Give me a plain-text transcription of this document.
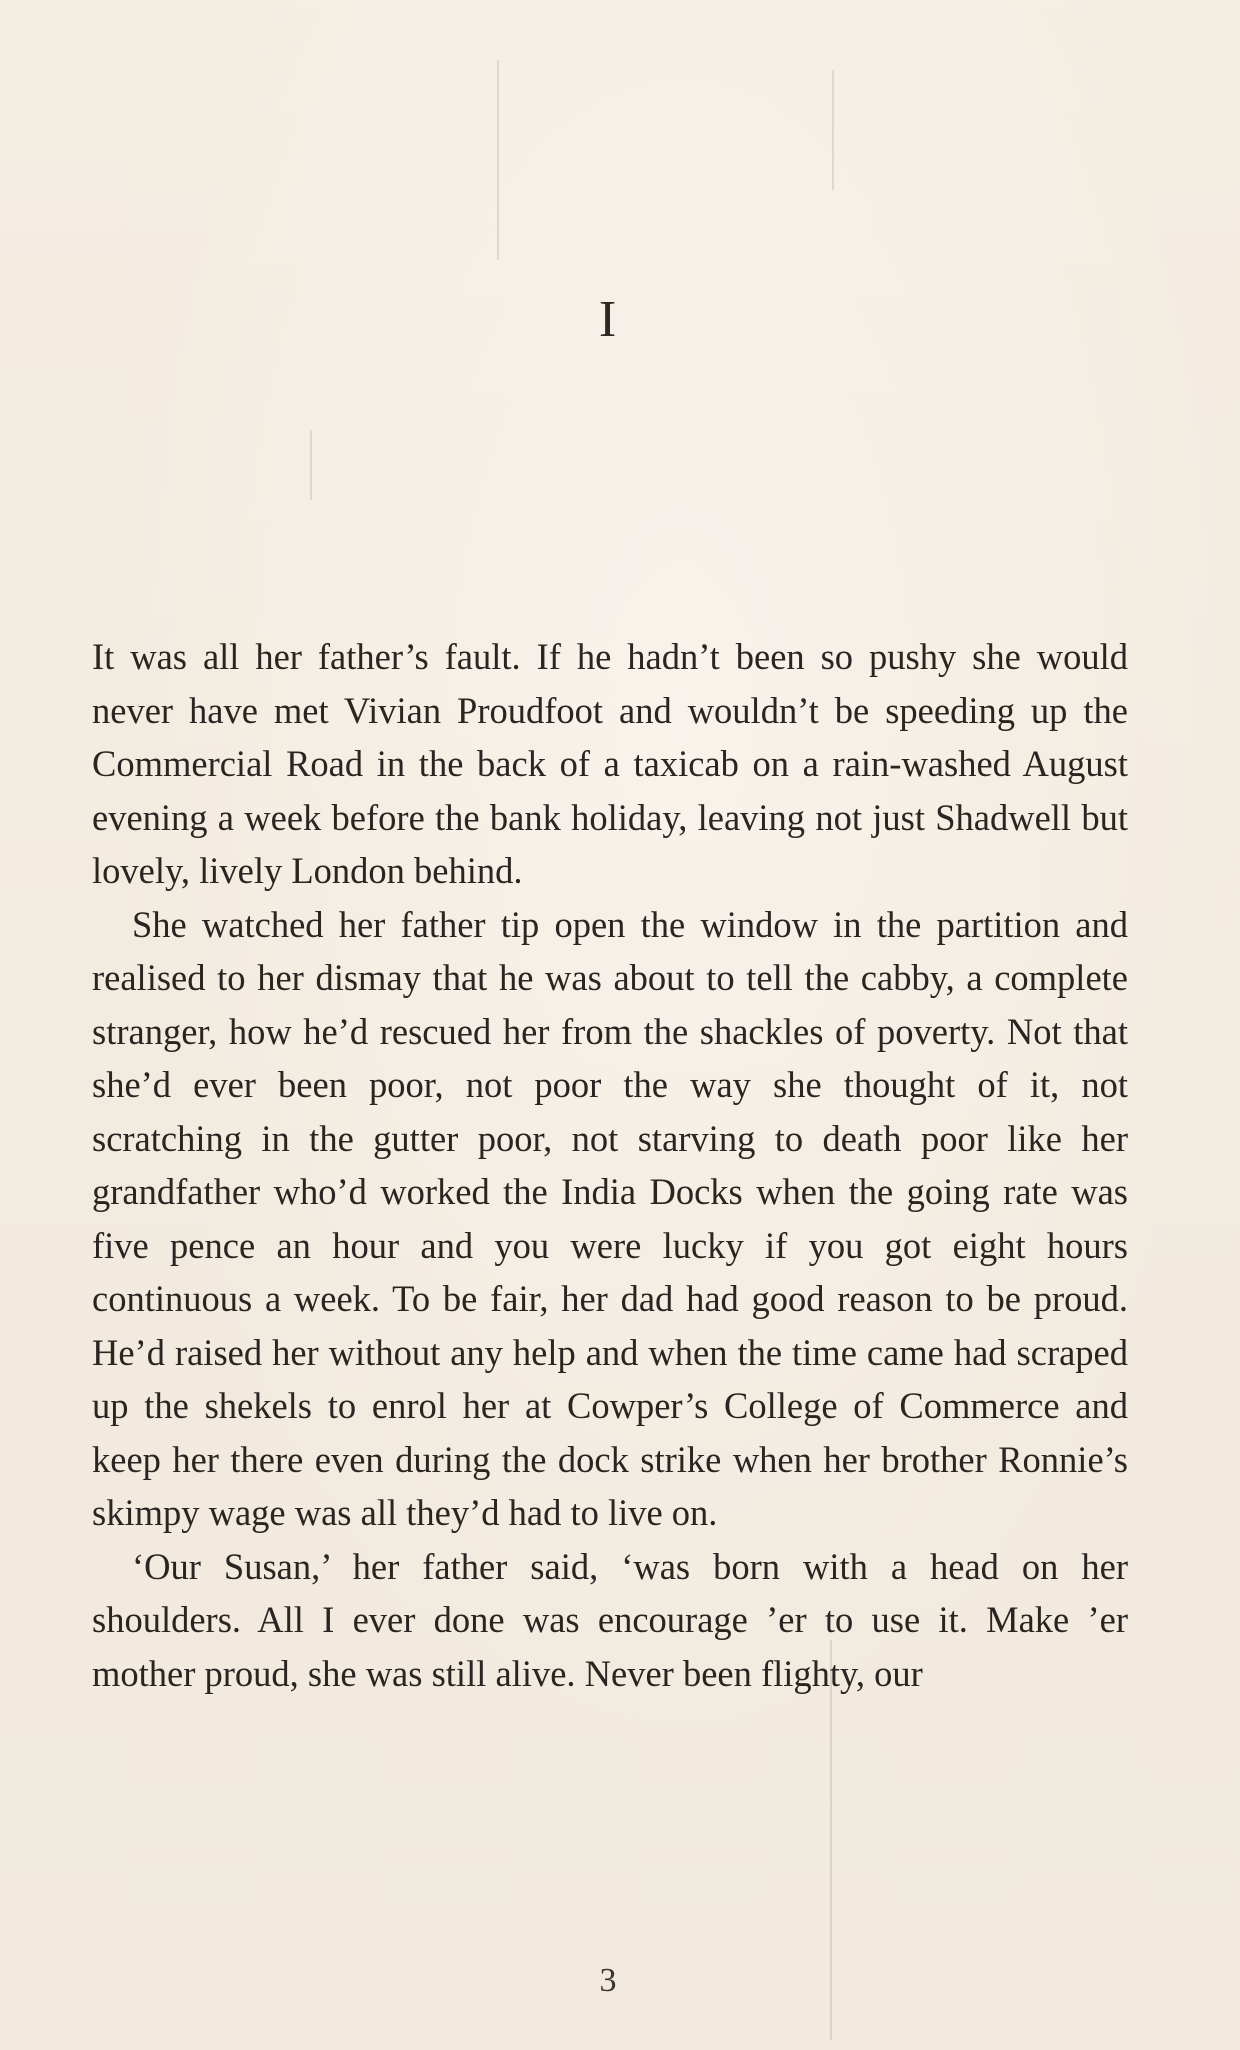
I

It was all her father’s fault. If he hadn’t been so pushy she would never have met Vivian Proudfoot and wouldn’t be speeding up the Commercial Road in the back of a taxicab on a rain-washed August evening a week before the bank holiday, leaving not just Shadwell but lovely, lively London behind.

She watched her father tip open the window in the partition and realised to her dismay that he was about to tell the cabby, a complete stranger, how he’d rescued her from the shackles of poverty. Not that she’d ever been poor, not poor the way she thought of it, not scratching in the gutter poor, not starving to death poor like her grandfather who’d worked the India Docks when the going rate was five pence an hour and you were lucky if you got eight hours continuous a week. To be fair, her dad had good reason to be proud. He’d raised her without any help and when the time came had scraped up the shekels to enrol her at Cowper’s College of Commerce and keep her there even during the dock strike when her brother Ronnie’s skimpy wage was all they’d had to live on.

‘Our Susan,’ her father said, ‘was born with a head on her shoulders. All I ever done was encourage ’er to use it. Make ’er mother proud, she was still alive. Never been flighty, our

3
